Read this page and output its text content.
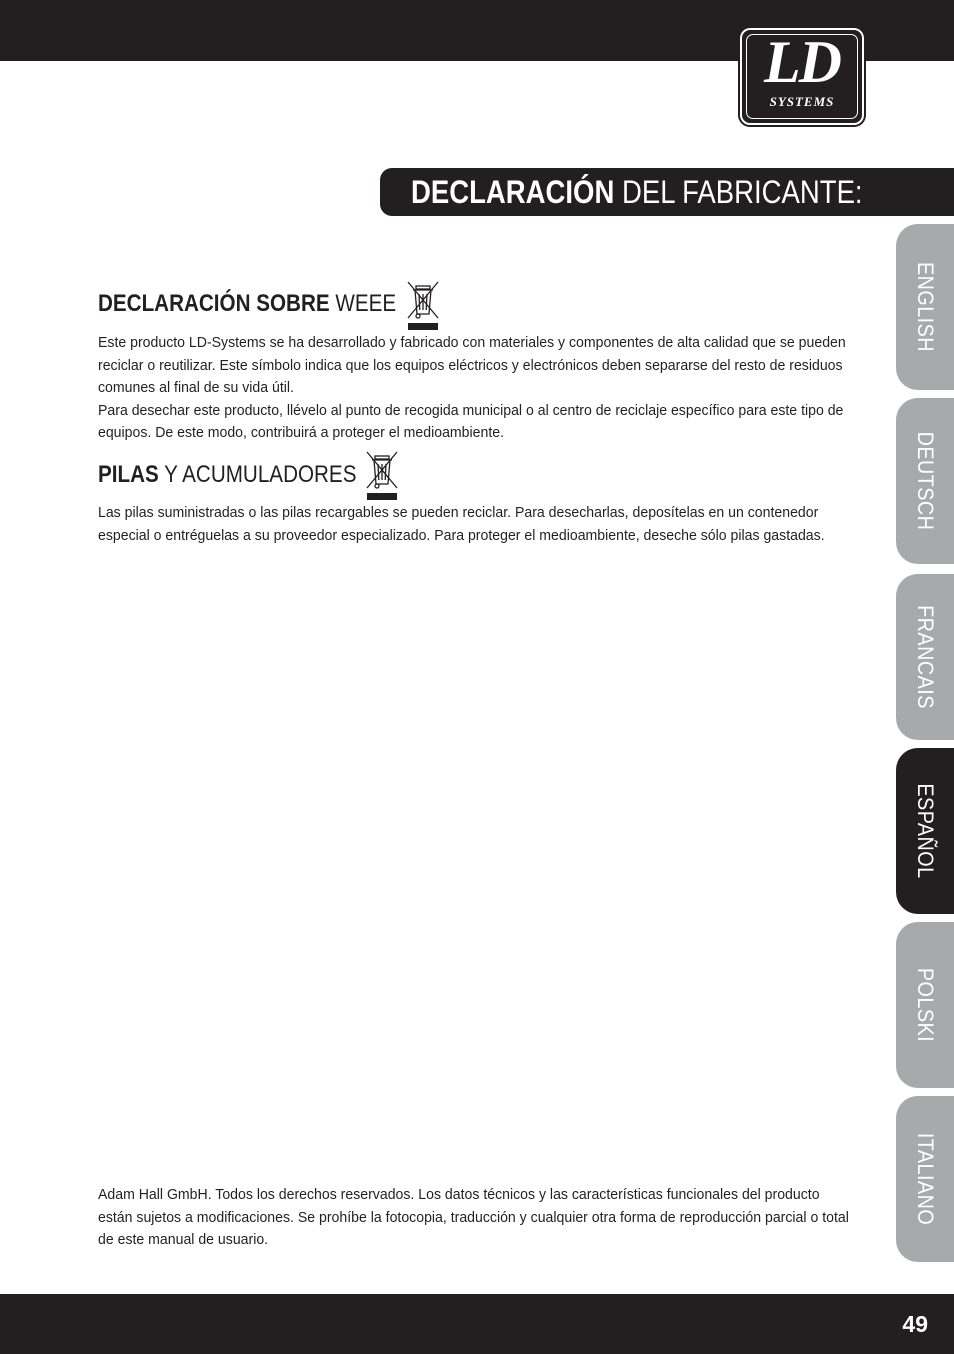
LD
SYSTEMS
DECLARACIÓN DEL FABRICANTE:
ENGLISH
DEUTSCH
FRANCAIS
ESPAÑOL
POLSKI
ITALIANO
DECLARACIÓN SOBRE WEEE

Este producto LD-Systems se ha desarrollado y fabricado con materiales y componentes de alta calidad que se pueden reciclar o reutilizar. Este símbolo indica que los equipos eléctricos y electrónicos deben separarse del resto de residuos comunes al final de su vida útil.

Para desechar este producto, llévelo al punto de recogida municipal o al centro de reciclaje específico para este tipo de equipos. De este modo, contribuirá a proteger el medioambiente.

PILAS Y ACUMULADORES

Las pilas suministradas o las pilas recargables se pueden reciclar. Para desecharlas, deposítelas en un contenedor especial o entréguelas a su proveedor especializado. Para proteger el medioambiente, deseche sólo pilas gastadas.

Adam Hall GmbH. Todos los derechos reservados. Los datos técnicos y las características funcionales del producto están sujetos a modificaciones. Se prohíbe la fotocopia, traducción y cualquier otra forma de reproducción parcial o total de este manual de usuario.

49
